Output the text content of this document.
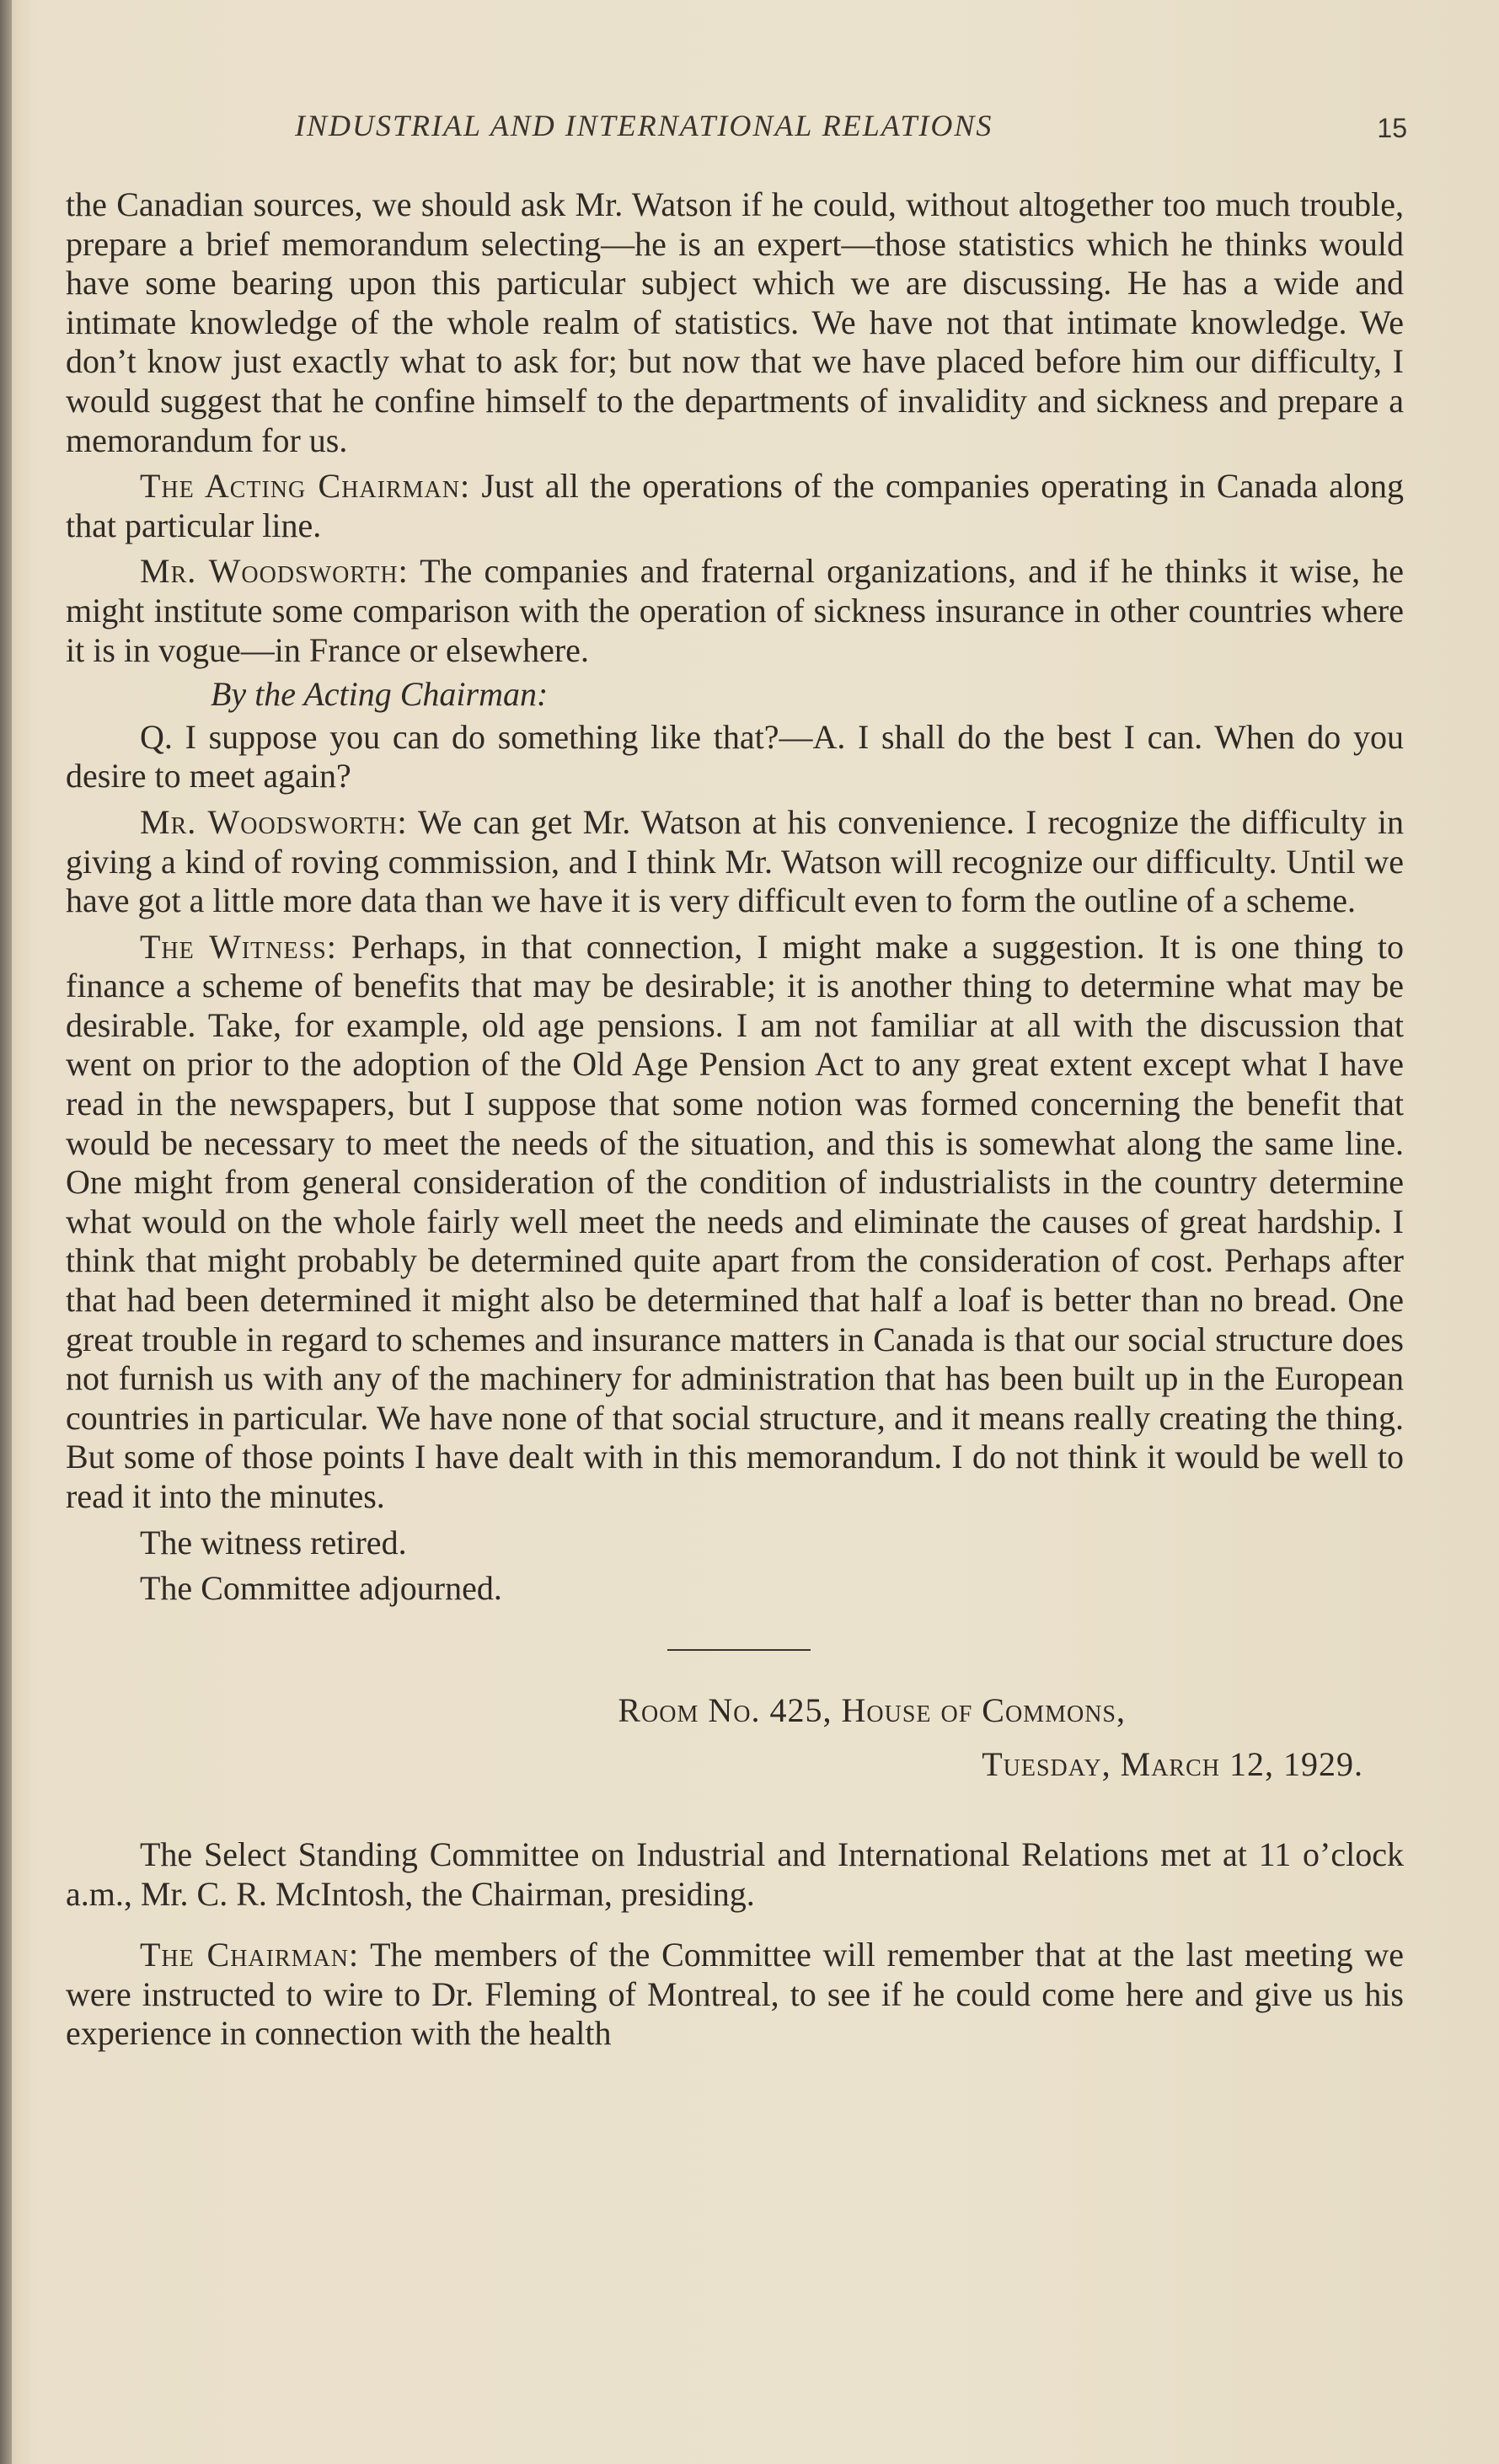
INDUSTRIAL AND INTERNATIONAL RELATIONS	15

the Canadian sources, we should ask Mr. Watson if he could, without altogether too much trouble, prepare a brief memorandum selecting—he is an expert—those statistics which he thinks would have some bearing upon this particular subject which we are discussing. He has a wide and intimate knowledge of the whole realm of statistics. We have not that intimate knowledge. We don’t know just exactly what to ask for; but now that we have placed before him our difficulty, I would suggest that he confine himself to the departments of invalidity and sickness and prepare a memorandum for us.

The Acting Chairman: Just all the operations of the companies operating in Canada along that particular line.

Mr. Woodsworth: The companies and fraternal organizations, and if he thinks it wise, he might institute some comparison with the operation of sickness insurance in other countries where it is in vogue—in France or elsewhere.

By the Acting Chairman:

Q. I suppose you can do something like that?—A. I shall do the best I can. When do you desire to meet again?

Mr. Woodsworth: We can get Mr. Watson at his convenience. I recognize the difficulty in giving a kind of roving commission, and I think Mr. Watson will recognize our difficulty. Until we have got a little more data than we have it is very difficult even to form the outline of a scheme.

The Witness: Perhaps, in that connection, I might make a suggestion. It is one thing to finance a scheme of benefits that may be desirable; it is another thing to determine what may be desirable. Take, for example, old age pensions. I am not familiar at all with the discussion that went on prior to the adoption of the Old Age Pension Act to any great extent except what I have read in the newspapers, but I suppose that some notion was formed concerning the benefit that would be necessary to meet the needs of the situation, and this is somewhat along the same line. One might from general consideration of the condition of industrialists in the country determine what would on the whole fairly well meet the needs and eliminate the causes of great hardship. I think that might probably be determined quite apart from the consideration of cost. Perhaps after that had been determined it might also be determined that half a loaf is better than no bread. One great trouble in regard to schemes and insurance matters in Canada is that our social structure does not furnish us with any of the machinery for administration that has been built up in the European countries in particular. We have none of that social structure, and it means really creating the thing. But some of those points I have dealt with in this memorandum. I do not think it would be well to read it into the minutes.

The witness retired.

The Committee adjourned.

Room No. 425, House of Commons,

Tuesday, March 12, 1929.

The Select Standing Committee on Industrial and International Relations met at 11 o’clock a.m., Mr. C. R. McIntosh, the Chairman, presiding.

The Chairman: The members of the Committee will remember that at the last meeting we were instructed to wire to Dr. Fleming of Montreal, to see if he could come here and give us his experience in connection with the health
